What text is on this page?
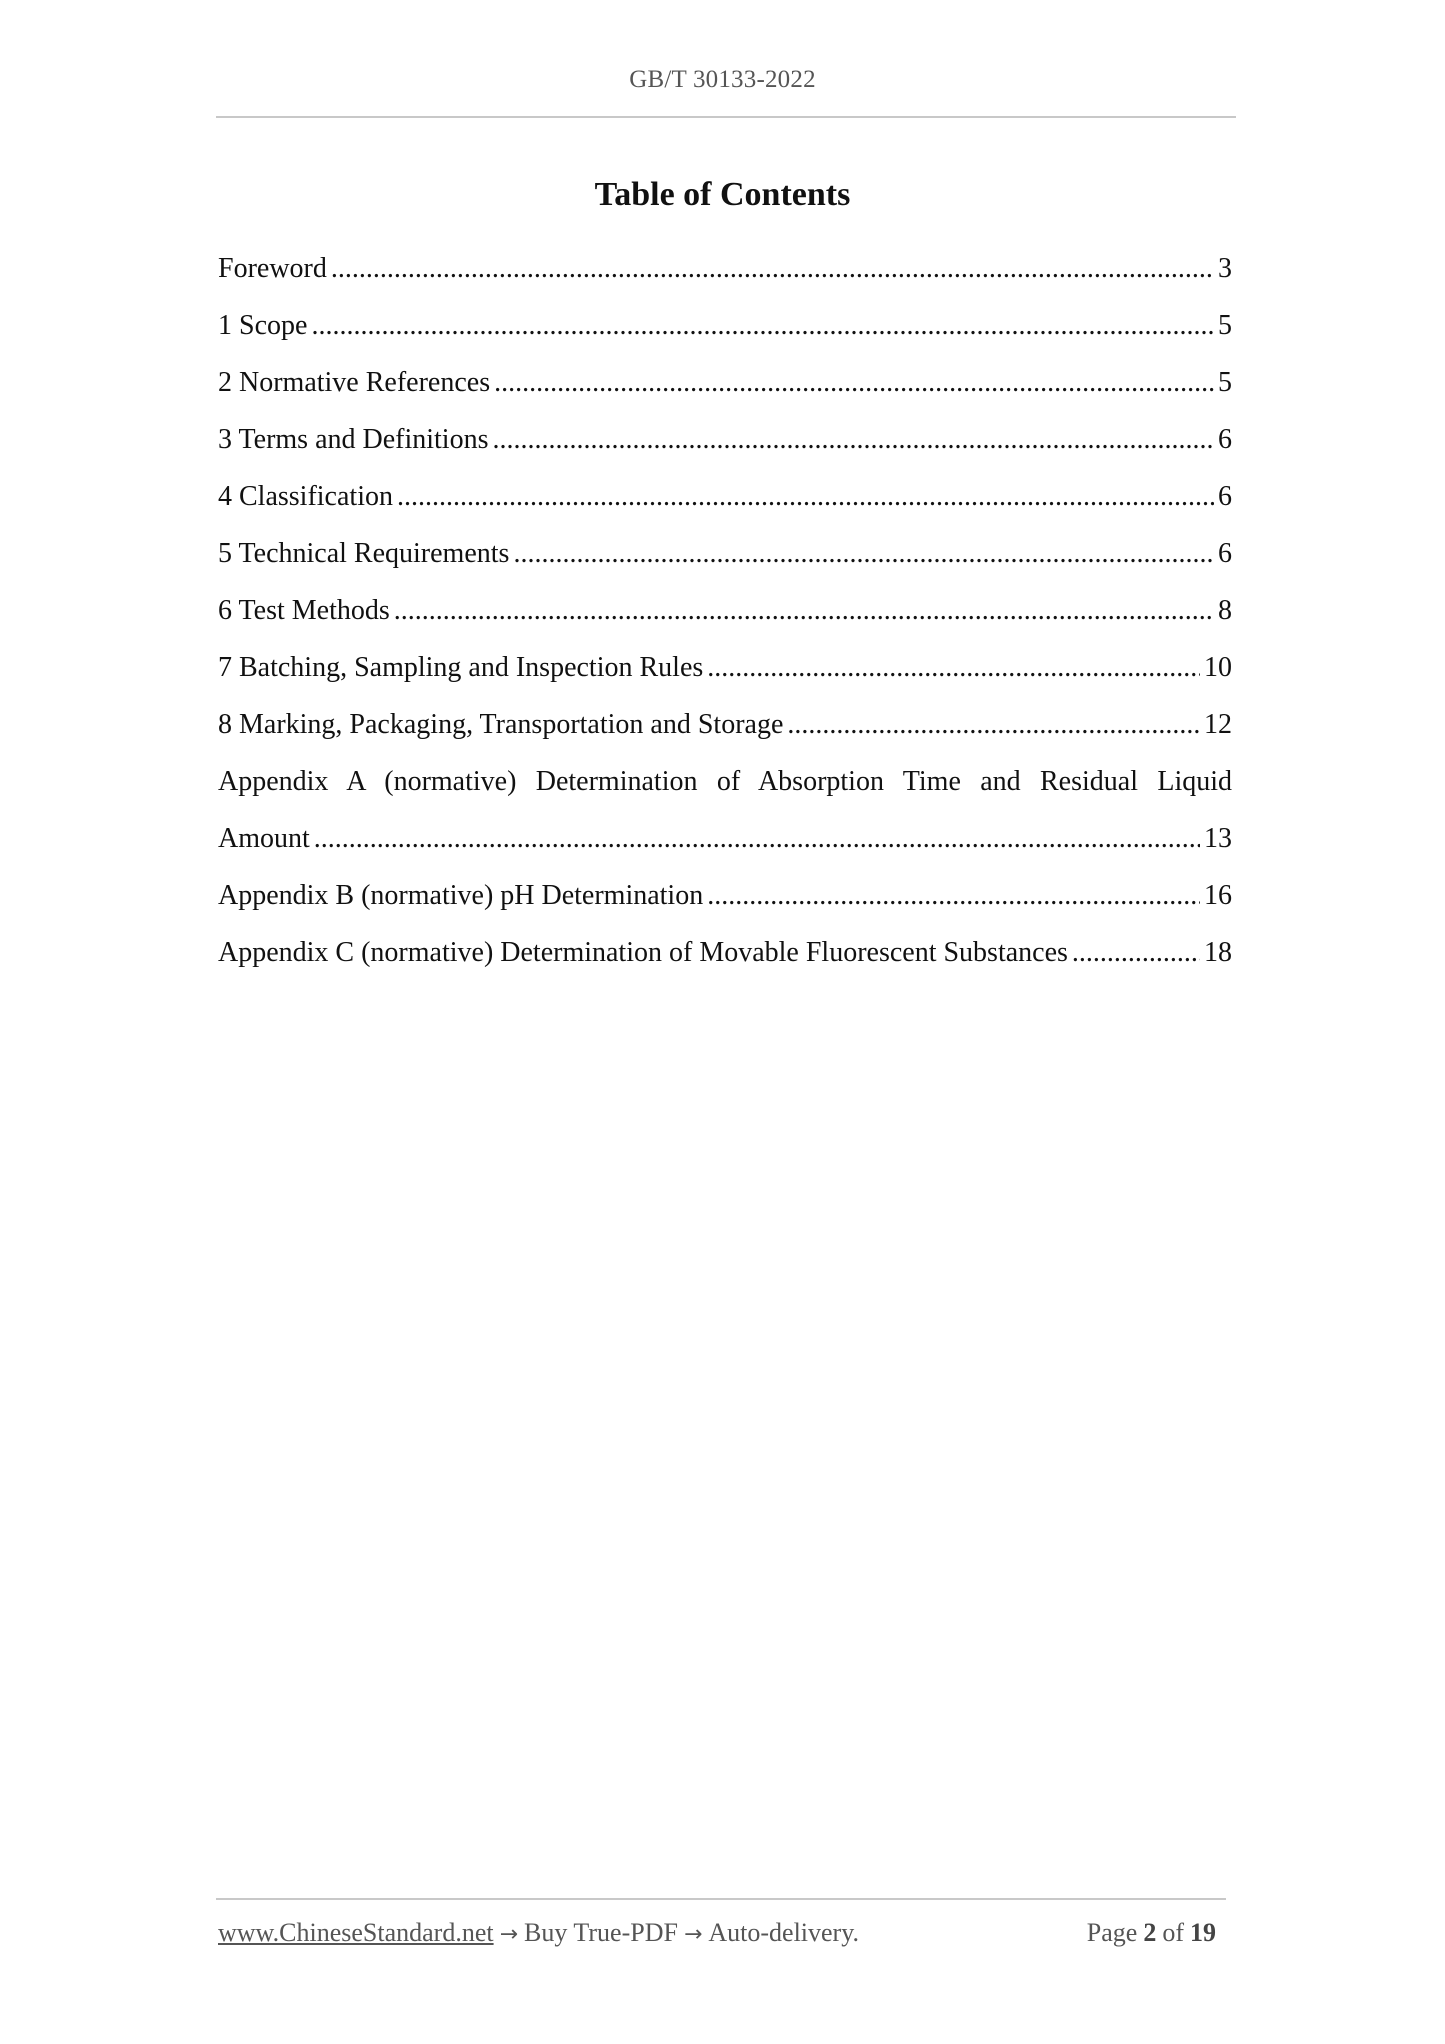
GB/T 30133-2022
Table of Contents
Foreword .....	3
1 Scope .....	5
2 Normative References .....	5
3 Terms and Definitions .....	6
4 Classification .....	6
5 Technical Requirements .....	6
6 Test Methods .....	8
7 Batching, Sampling and Inspection Rules .....	10
8 Marking, Packaging, Transportation and Storage .....	12
Appendix A (normative) Determination of Absorption Time and Residual Liquid
Amount .....	13
Appendix B (normative) pH Determination .....	16
Appendix C (normative) Determination of Movable Fluorescent Substances .....	18
www.ChineseStandard.net → Buy True-PDF → Auto-delivery.	Page 2 of 19
